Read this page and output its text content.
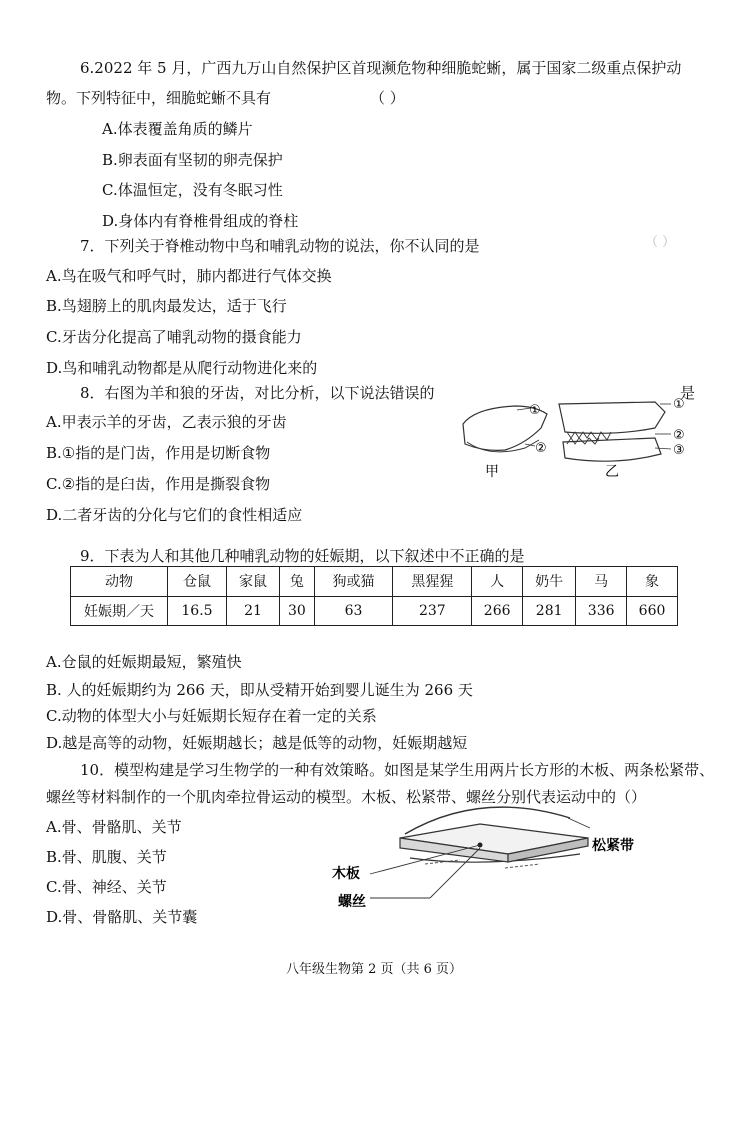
6.2022 年 5 月，广西九万山自然保护区首现濒危物种细脆蛇蜥，属于国家二级重点保护动
物。下列特征中，细脆蛇蜥不具有	（ ）
A.体表覆盖角质的鳞片
B.卵表面有坚韧的卵壳保护
C.体温恒定，没有冬眠习性
D.身体内有脊椎骨组成的脊柱
7．下列关于脊椎动物中鸟和哺乳动物的说法，你不认同的是	（ ）
A.鸟在吸气和呼气时，肺内都进行气体交换
B.鸟翅膀上的肌肉最发达，适于飞行
C.牙齿分化提高了哺乳动物的摄食能力
D.鸟和哺乳动物都是从爬行动物进化来的
8．右图为羊和狼的牙齿，对比分析，以下说法错误的	是
A.甲表示羊的牙齿，乙表示狼的牙齿
B.①指的是门齿，作用是切断食物
C.②指的是臼齿，作用是撕裂食物
D.二者牙齿的分化与它们的食性相适应
①
②
甲
①
②
③
乙
9．下表为人和其他几种哺乳动物的妊娠期，以下叙述中不正确的是
动物	仓鼠	家鼠	兔	狗或猫	黑猩猩	人	奶牛	马	象
妊娠期／天	16.5	21	30	63	237	266	281	336	660
A.仓鼠的妊娠期最短，繁殖快
B. 人的妊娠期约为 266 天，即从受精开始到婴儿诞生为 266 天
C.动物的体型大小与妊娠期长短存在着一定的关系
D.越是高等的动物，妊娠期越长；越是低等的动物，妊娠期越短
10．模型构建是学习生物学的一种有效策略。如图是某学生用两片长方形的木板、两条松紧带、
螺丝等材料制作的一个肌肉牵拉骨运动的模型。木板、松紧带、螺丝分别代表运动中的（）
A.骨、骨骼肌、关节
B.骨、肌腹、关节
C.骨、神经、关节
D.骨、骨骼肌、关节囊
木板
螺丝
松紧带
八年级生物第 2 页（共 6 页）
